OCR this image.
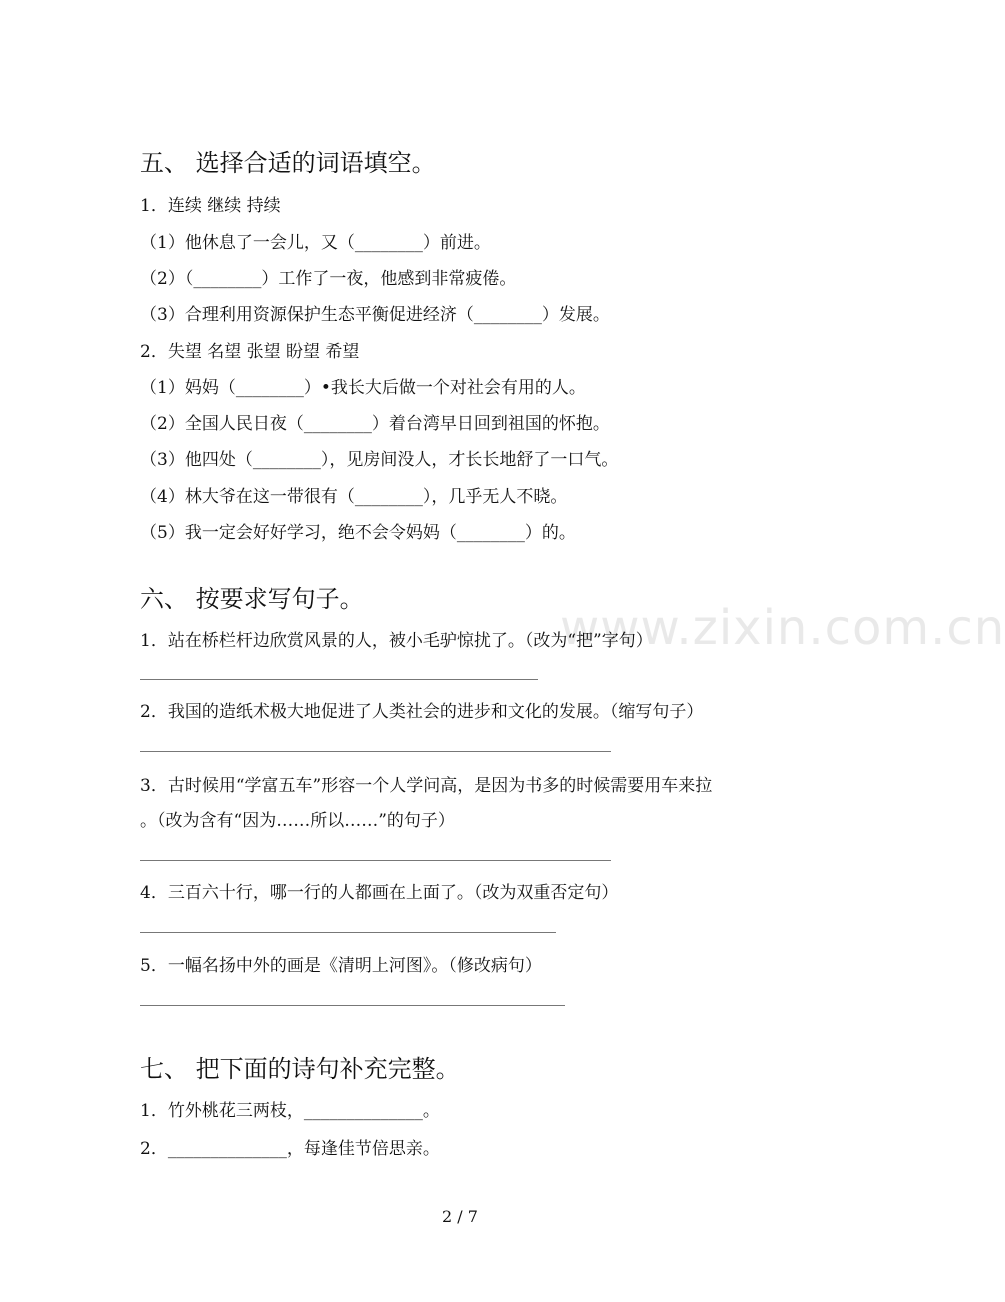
www.zixin.com.cn
五、 选择合适的词语填空。
1．连续 继续 持续
（1）他休息了一会儿，又（________）前进。
（2）（________）工作了一夜，他感到非常疲倦。
（3）合理利用资源保护生态平衡促进经济（________）发展。
2．失望 名望 张望 盼望 希望
（1）妈妈（________）•我长大后做一个对社会有用的人。
（2）全国人民日夜（________）着台湾早日回到祖国的怀抱。
（3）他四处（________），见房间没人，才长长地舒了一口气。
（4）林大爷在这一带很有（________），几乎无人不晓。
（5）我一定会好好学习，绝不会令妈妈（________）的。
六、 按要求写句子。
1．站在桥栏杆边欣赏风景的人，被小毛驴惊扰了。（改为“把”字句）
2．我国的造纸术极大地促进了人类社会的进步和文化的发展。（缩写句子）
3．古时候用“学富五车”形容一个人学问高，是因为书多的时候需要用车来拉
。（改为含有“因为……所以……”的句子）
4．三百六十行，哪一行的人都画在上面了。（改为双重否定句）
5．一幅名扬中外的画是《清明上河图》。（修改病句）
七、 把下面的诗句补充完整。
1．竹外桃花三两枝，______________。
2．______________，每逢佳节倍思亲。
2 / 7
